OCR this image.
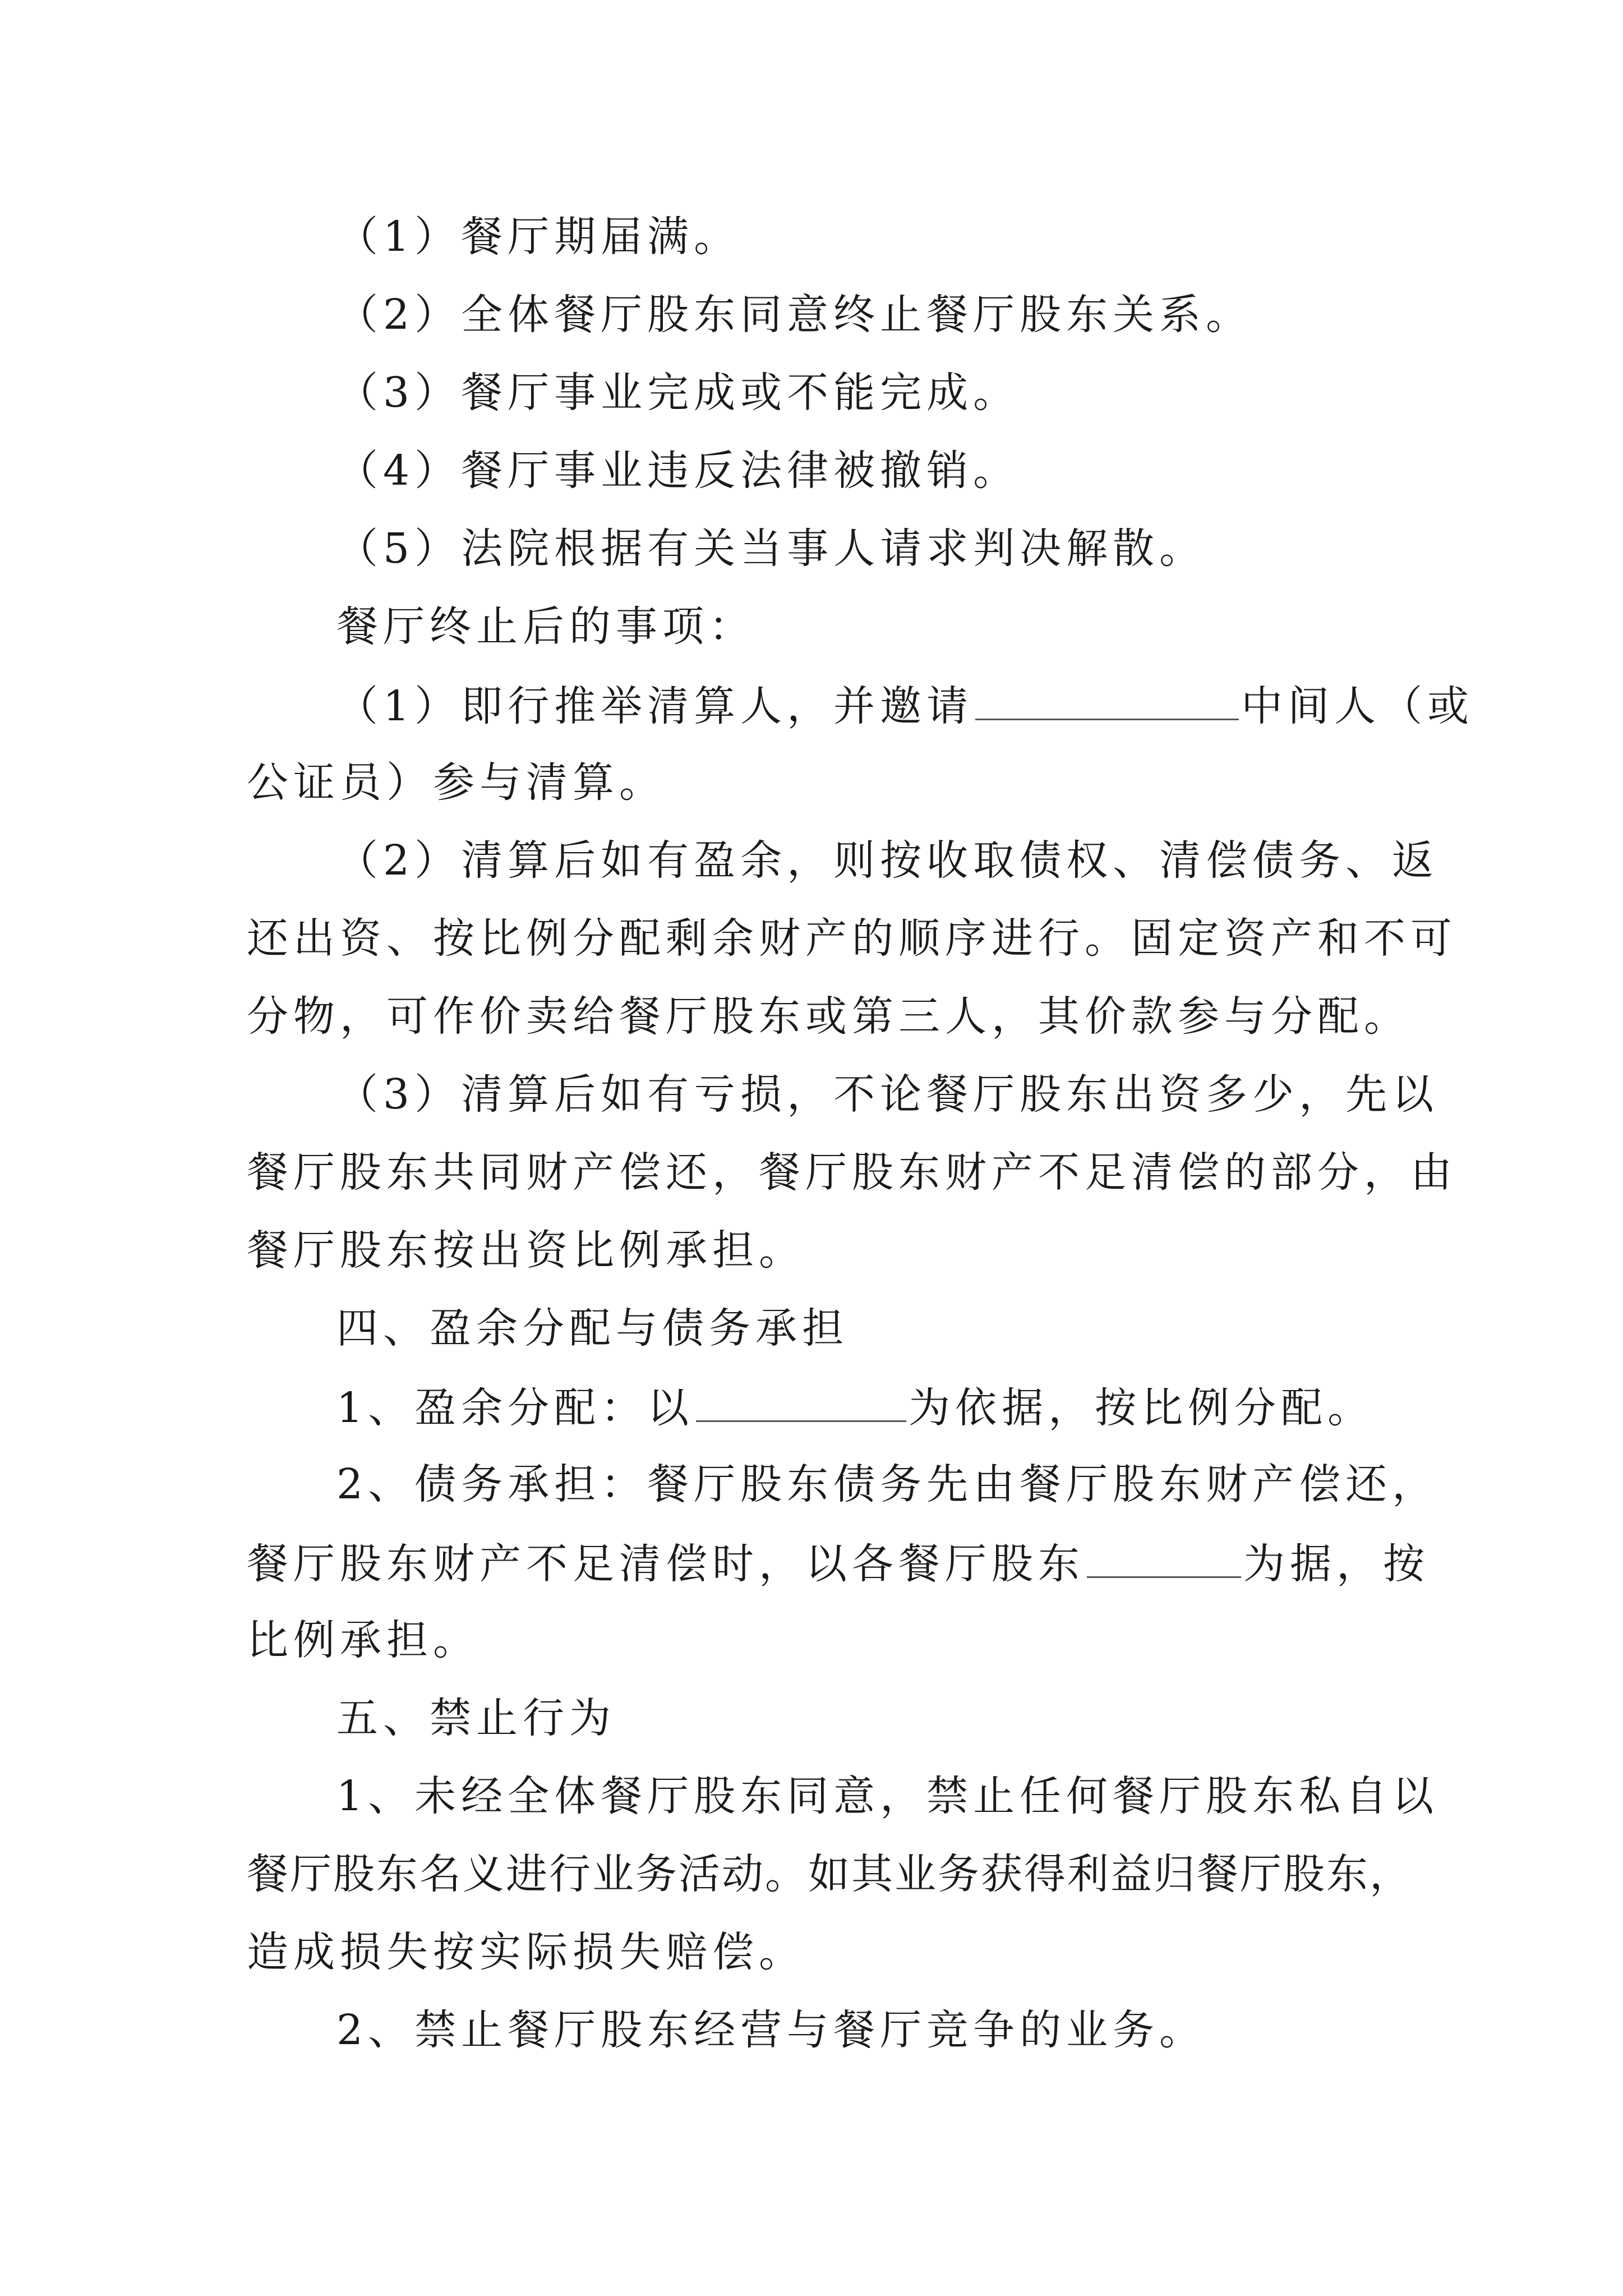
（1）餐厅期届满。
（2）全体餐厅股东同意终止餐厅股东关系。
（3）餐厅事业完成或不能完成。
（4）餐厅事业违反法律被撤销。
（5）法院根据有关当事人请求判决解散。
餐厅终止后的事项：
（1）即行推举清算人，并邀请	中间人（或
公证员）参与清算。
（2）清算后如有盈余，则按收取债权、清偿债务、返
还出资、按比例分配剩余财产的顺序进行。固定资产和不可
分物，可作价卖给餐厅股东或第三人，其价款参与分配。
（3）清算后如有亏损，不论餐厅股东出资多少，先以
餐厅股东共同财产偿还，餐厅股东财产不足清偿的部分，由
餐厅股东按出资比例承担。
四、盈余分配与债务承担
1、盈余分配：以	为依据，按比例分配。
2、债务承担：餐厅股东债务先由餐厅股东财产偿还，
餐厅股东财产不足清偿时，以各餐厅股东	为据，按
比例承担。
五、禁止行为
1、未经全体餐厅股东同意，禁止任何餐厅股东私自以
餐厅股东名义进行业务活动。如其业务获得利益归餐厅股东，
造成损失按实际损失赔偿。
2、禁止餐厅股东经营与餐厅竞争的业务。
